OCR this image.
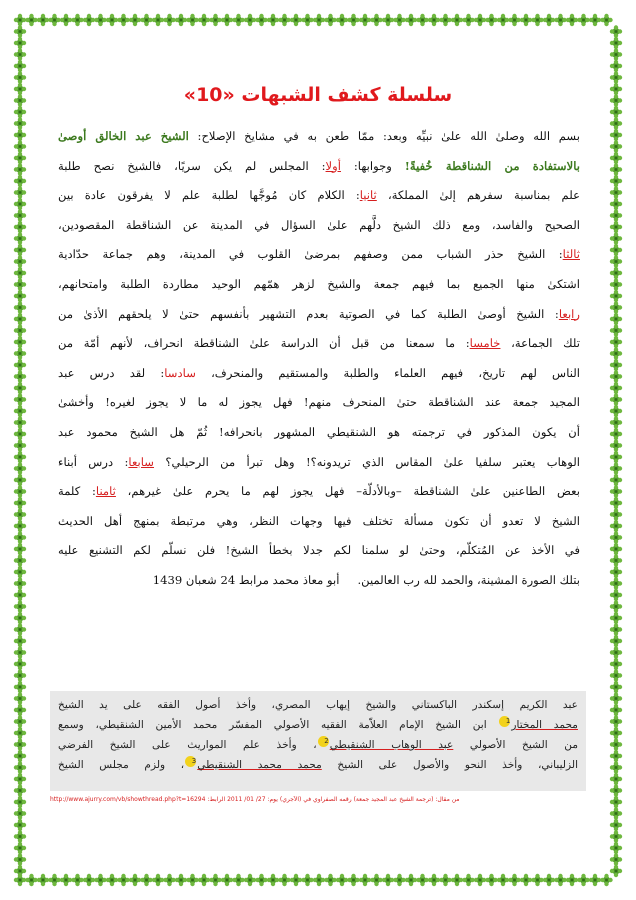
سلسلة كشف الشبهات «10»
بسم الله وصلىٰ الله علىٰ نبيِّه وبعد: ممّا طعن به في مشايخ الإصلاح: الشيخ عبد الخالق أوصىٰ
بالاستفادة من الشناقطة خُفيةً! وجوابها: أولا: المجلس لم يكن سريًا، فالشيخ نصح طلبة
علم بمناسبة سفرهم إلىٰ المملكة، ثانيا: الكلام كان مُوجَّها لطلبة علم لا يفرقون عادة بين
الصحيح والفاسد، ومع ذلك الشيخ دلَّهم علىٰ السؤال في المدينة عن الشناقطة المقصودين،
ثالثا: الشيخ حذر الشباب ممن وصفهم بمرضىٰ القلوب في المدينة، وهم جماعة حدّادية
اشتكىٰ منها الجميع بما فيهم جمعة والشيخ لزهر همّهم الوحيد مطاردة الطلبة وامتحانهم،
رابعا: الشيخ أوصىٰ الطلبة كما في الصوتية بعدم التشهير بأنفسهم حتىٰ لا يلحقهم الأذىٰ من
تلك الجماعة، خامسا: ما سمعنا من قبل أن الدراسة علىٰ الشناقطة انحراف، لأنهم أمّة من
الناس لهم تاريخ، فيهم العلماء والطلبة والمستقيم والمنحرف، سادسا: لقد درس عبد
المجيد جمعة عند الشناقطة حتىٰ المنحرف منهم! فهل يجوز له ما لا يجوز لغيره! وأخشىٰ
أن يكون المذكور في ترجمته هو الشنقيطي المشهور بانحرافه! ثُمّ هل الشيخ محمود عبد
الوهاب يعتبر سلفيا علىٰ المقاس الذي تريدونه؟! وهل تبرأ من الرحيلي؟ سابعا: درس أبناء
بعض الطاعنين علىٰ الشناقطة –وبالأدلّة– فهل يجوز لهم ما يحرم علىٰ غيرهم، ثامنا: كلمة
الشيخ لا تعدو أن تكون مسألة تختلف فيها وجهات النظر، وهي مرتبطة بمنهج أهل الحديث
في الأخذ عن المُتكلّم، وحتىٰ لو سلمنا لكم جدلا بخطأ الشيخ! فلن نسلّم لكم التشنيع عليه
بتلك الصورة المشينة، والحمد لله رب العالمين.أبو معاذ محمد مرابط 24 شعبان 1439
عبد الكريم إسكندر الباكستاني والشيخ إيهاب المصري، وأخذ أصول الفقه على يد الشيخ
محمد المختار1 ابن الشيخ الإمام العلاّمة الفقيه الأصولي المفسّر محمد الأمين الشنقيطي، وسمع
من الشيخ الأصولي عبد الوهاب الشنقيطي2، وأخذ علم المواريث على الشيخ الفرضي
الزليباني، وأخذ النحو والأصول على الشيخ محمد محمد الشنقيطي3، ولزم مجلس الشيخ
من مقال: (ترجمة الشيخ عبد المجيد جمعة) رقمه الصفراوي في (الآجري) يوم: 27/ 01/ 2011 الرابط: http://www.ajurry.com/vb/showthread.php?t=16294
